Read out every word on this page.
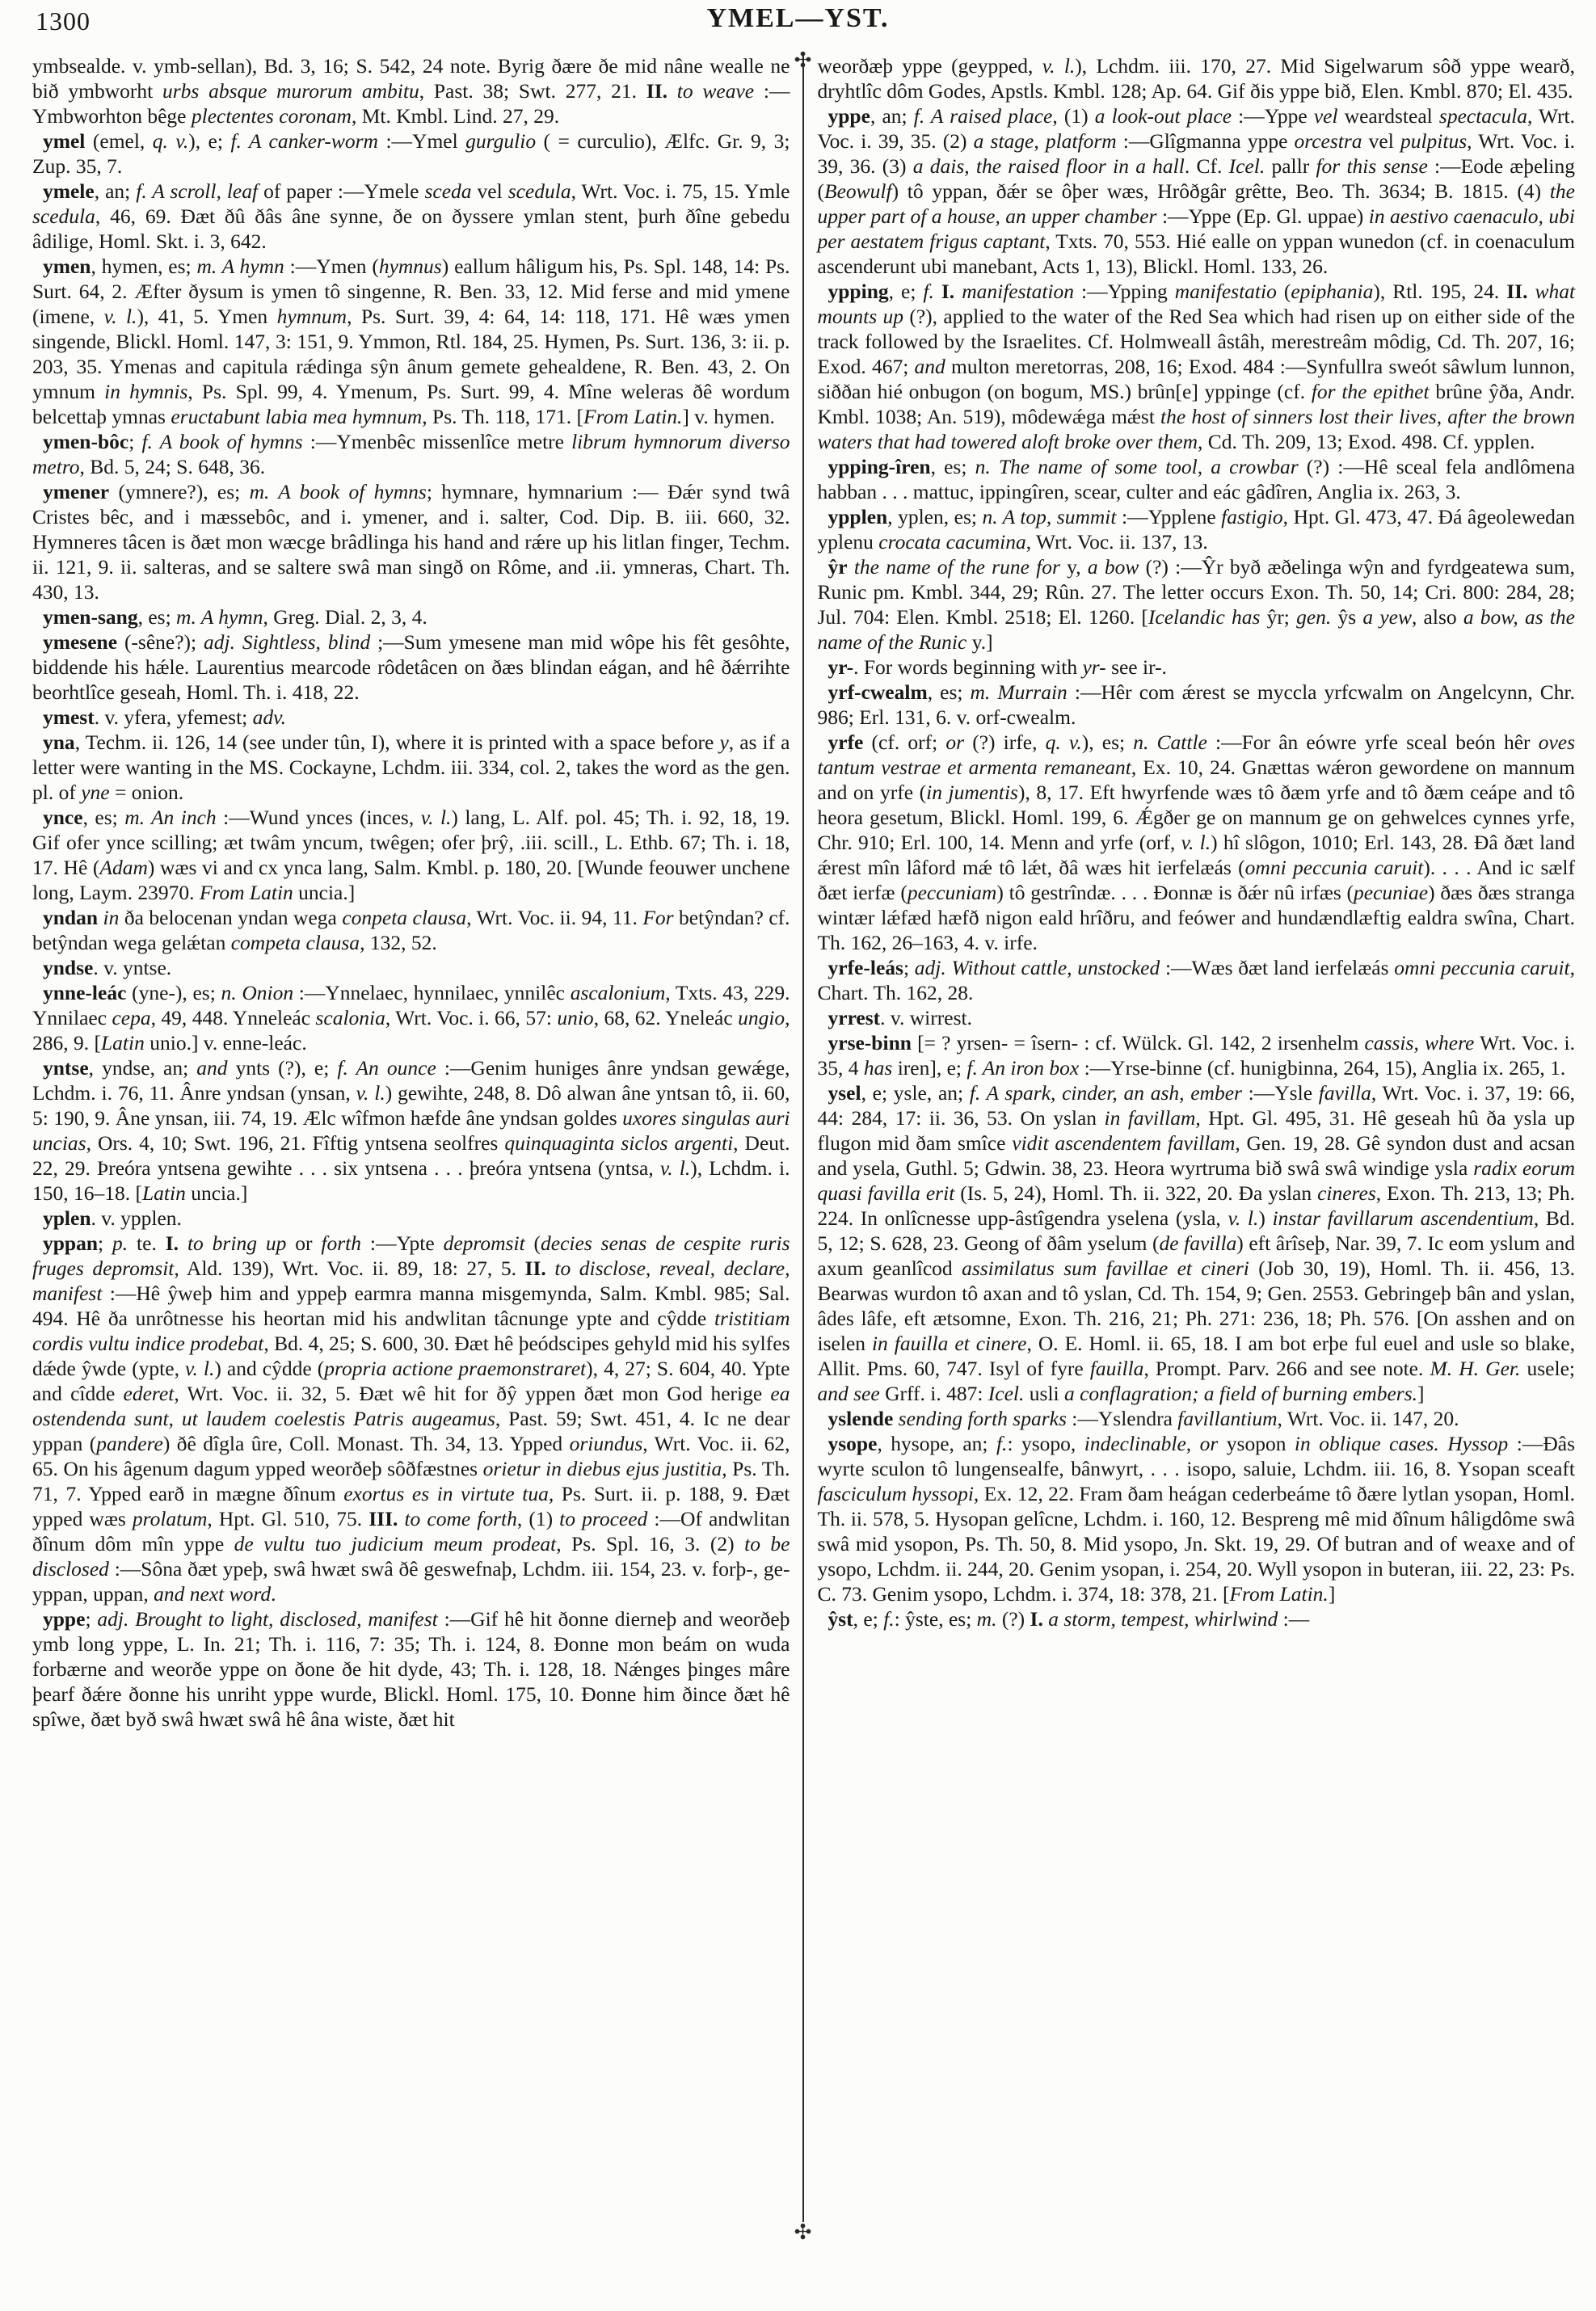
1300	YMEL—YST.

ymbsealde. v. ymb-sellan), Bd. 3, 16; S. 542, 24 note. Byrig ðære ðe mid nâne wealle ne bið ymbworht urbs absque murorum ambitu, Past. 38; Swt. 277, 21. II. to weave :—Ymbworhton bêge plectentes coronam, Mt. Kmbl. Lind. 27, 29.

ymel (emel, q. v.), e; f. A canker-worm :—Ymel gurgulio ( = curculio), Ælfc. Gr. 9, 3; Zup. 35, 7.

ymele, an; f. A scroll, leaf of paper :—Ymele sceda vel scedula, Wrt. Voc. i. 75, 15. Ymle scedula, 46, 69. Ðæt ðû ðâs âne synne, ðe on ðyssere ymlan stent, þurh ðîne gebedu âdilige, Homl. Skt. i. 3, 642.

ymen, hymen, es; m. A hymn :—Ymen (hymnus) eallum hâligum his, Ps. Spl. 148, 14: Ps. Surt. 64, 2. Æfter ðysum is ymen tô singenne, R. Ben. 33, 12. Mid ferse and mid ymene (imene, v. l.), 41, 5. Ymen hymnum, Ps. Surt. 39, 4: 64, 14: 118, 171. Hê wæs ymen singende, Blickl. Homl. 147, 3: 151, 9. Ymmon, Rtl. 184, 25. Hymen, Ps. Surt. 136, 3: ii. p. 203, 35. Ymenas and capitula rǽdinga sŷn ânum gemete gehealdene, R. Ben. 43, 2. On ymnum in hymnis, Ps. Spl. 99, 4. Ymenum, Ps. Surt. 99, 4. Mîne weleras ðê wordum belcettaþ ymnas eructabunt labia mea hymnum, Ps. Th. 118, 171. [From Latin.] v. hymen.

ymen-bôc; f. A book of hymns :—Ymenbêc missenlîce metre librum hymnorum diverso metro, Bd. 5, 24; S. 648, 36.

ymener (ymnere?), es; m. A book of hymns; hymnare, hymnarium :— Ðǽr synd twâ Cristes bêc, and i mæssebôc, and i. ymener, and i. salter, Cod. Dip. B. iii. 660, 32. Hymneres tâcen is ðæt mon wæcge brâdlinga his hand and rǽre up his litlan finger, Techm. ii. 121, 9. ii. salteras, and se saltere swâ man singð on Rôme, and .ii. ymneras, Chart. Th. 430, 13.

ymen-sang, es; m. A hymn, Greg. Dial. 2, 3, 4.

ymesene (-sêne?); adj. Sightless, blind ;—Sum ymesene man mid wôpe his fêt gesôhte, biddende his hǽle. Laurentius mearcode rôdetâcen on ðæs blindan eágan, and hê ðǽrrihte beorhtlîce geseah, Homl. Th. i. 418, 22.

ymest. v. yfera, yfemest; adv.

yna, Techm. ii. 126, 14 (see under tûn, I), where it is printed with a space before y, as if a letter were wanting in the MS. Cockayne, Lchdm. iii. 334, col. 2, takes the word as the gen. pl. of yne = onion.

ynce, es; m. An inch :—Wund ynces (inces, v. l.) lang, L. Alf. pol. 45; Th. i. 92, 18, 19. Gif ofer ynce scilling; æt twâm yncum, twêgen; ofer þrŷ, .iii. scill., L. Ethb. 67; Th. i. 18, 17. Hê (Adam) wæs vi and cx ynca lang, Salm. Kmbl. p. 180, 20. [Wunde feouwer unchene long, Laym. 23970. From Latin uncia.]

yndan in ða belocenan yndan wega conpeta clausa, Wrt. Voc. ii. 94, 11. For betŷndan? cf. betŷndan wega gelǽtan competa clausa, 132, 52.

yndse. v. yntse.

ynne-leác (yne-), es; n. Onion :—Ynnelaec, hynnilaec, ynnilêc ascalonium, Txts. 43, 229. Ynnilaec cepa, 49, 448. Ynneleác scalonia, Wrt. Voc. i. 66, 57: unio, 68, 62. Yneleác ungio, 286, 9. [Latin unio.] v. enne-leác.

yntse, yndse, an; and ynts (?), e; f. An ounce :—Genim huniges ânre yndsan gewǽge, Lchdm. i. 76, 11. Ânre yndsan (ynsan, v. l.) gewihte, 248, 8. Dô alwan âne yntsan tô, ii. 60, 5: 190, 9. Âne ynsan, iii. 74, 19. Ælc wîfmon hæfde âne yndsan goldes uxores singulas auri uncias, Ors. 4, 10; Swt. 196, 21. Fîftig yntsena seolfres quinquaginta siclos argenti, Deut. 22, 29. Þreóra yntsena gewihte . . . six yntsena . . . þreóra yntsena (yntsa, v. l.), Lchdm. i. 150, 16–18. [Latin uncia.]

yplen. v. ypplen.

yppan; p. te. I. to bring up or forth :—Ypte depromsit (decies senas de cespite ruris fruges depromsit, Ald. 139), Wrt. Voc. ii. 89, 18: 27, 5. II. to disclose, reveal, declare, manifest :—Hê ŷweþ him and yppeþ earmra manna misgemynda, Salm. Kmbl. 985; Sal. 494. Hê ða unrôtnesse his heortan mid his andwlitan tâcnunge ypte and cŷdde tristitiam cordis vultu indice prodebat, Bd. 4, 25; S. 600, 30. Ðæt hê þeódscipes gehyld mid his sylfes dǽde ŷwde (ypte, v. l.) and cŷdde (propria actione praemonstraret), 4, 27; S. 604, 40. Ypte and cîdde ederet, Wrt. Voc. ii. 32, 5. Ðæt wê hit for ðŷ yppen ðæt mon God herige ea ostendenda sunt, ut laudem coelestis Patris augeamus, Past. 59; Swt. 451, 4. Ic ne dear yppan (pandere) ðê dîgla ûre, Coll. Monast. Th. 34, 13. Ypped oriundus, Wrt. Voc. ii. 62, 65. On his âgenum dagum ypped weorðeþ sôðfæstnes orietur in diebus ejus justitia, Ps. Th. 71, 7. Ypped earð in mægne ðînum exortus es in virtute tua, Ps. Surt. ii. p. 188, 9. Ðæt ypped wæs prolatum, Hpt. Gl. 510, 75. III. to come forth, (1) to proceed :—Of andwlitan ðînum dôm mîn yppe de vultu tuo judicium meum prodeat, Ps. Spl. 16, 3. (2) to be disclosed :—Sôna ðæt ypeþ, swâ hwæt swâ ðê geswefnaþ, Lchdm. iii. 154, 23. v. forþ-, ge-yppan, uppan, and next word.

yppe; adj. Brought to light, disclosed, manifest :—Gif hê hit ðonne dierneþ and weorðeþ ymb long yppe, L. In. 21; Th. i. 116, 7: 35; Th. i. 124, 8. Ðonne mon beám on wuda forbærne and weorðe yppe on ðone ðe hit dyde, 43; Th. i. 128, 18. Nǽnges þinges mâre þearf ðǽre ðonne his unriht yppe wurde, Blickl. Homl. 175, 10. Ðonne him ðince ðæt hê spîwe, ðæt byð swâ hwæt swâ hê âna wiste, ðæt hit

✣
✣

weorðæþ yppe (geypped, v. l.), Lchdm. iii. 170, 27. Mid Sigelwarum sôð yppe wearð, dryhtlîc dôm Godes, Apstls. Kmbl. 128; Ap. 64. Gif ðis yppe bið, Elen. Kmbl. 870; El. 435.

yppe, an; f. A raised place, (1) a look-out place :—Yppe vel weardsteal spectacula, Wrt. Voc. i. 39, 35. (2) a stage, platform :—Glîgmanna yppe orcestra vel pulpitus, Wrt. Voc. i. 39, 36. (3) a dais, the raised floor in a hall. Cf. Icel. pallr for this sense :—Eode æþeling (Beowulf) tô yppan, ðǽr se ôþer wæs, Hrôðgâr grêtte, Beo. Th. 3634; B. 1815. (4) the upper part of a house, an upper chamber :—Yppe (Ep. Gl. uppae) in aestivo caenaculo, ubi per aestatem frigus captant, Txts. 70, 553. Hié ealle on yppan wunedon (cf. in coenaculum ascenderunt ubi manebant, Acts 1, 13), Blickl. Homl. 133, 26.

ypping, e; f. I. manifestation :—Ypping manifestatio (epiphania), Rtl. 195, 24. II. what mounts up (?), applied to the water of the Red Sea which had risen up on either side of the track followed by the Israelites. Cf. Holmweall âstâh, merestreâm môdig, Cd. Th. 207, 16; Exod. 467; and multon meretorras, 208, 16; Exod. 484 :—Synfullra sweót sâwlum lunnon, siððan hié onbugon (on bogum, MS.) brûn[e] yppinge (cf. for the epithet brûne ŷða, Andr. Kmbl. 1038; An. 519), môdewǽga mǽst the host of sinners lost their lives, after the brown waters that had towered aloft broke over them, Cd. Th. 209, 13; Exod. 498. Cf. ypplen.

ypping-îren, es; n. The name of some tool, a crowbar (?) :—Hê sceal fela andlômena habban . . . mattuc, ippingîren, scear, culter and eác gâdîren, Anglia ix. 263, 3.

ypplen, yplen, es; n. A top, summit :—Ypplene fastigio, Hpt. Gl. 473, 47. Ðá âgeolewedan yplenu crocata cacumina, Wrt. Voc. ii. 137, 13.

ŷr the name of the rune for y, a bow (?) :—Ŷr byð æðelinga wŷn and fyrdgeatewa sum, Runic pm. Kmbl. 344, 29; Rûn. 27. The letter occurs Exon. Th. 50, 14; Cri. 800: 284, 28; Jul. 704: Elen. Kmbl. 2518; El. 1260. [Icelandic has ŷr; gen. ŷs a yew, also a bow, as the name of the Runic y.]

yr-. For words beginning with yr- see ir-.

yrf-cwealm, es; m. Murrain :—Hêr com ǽrest se myccla yrfcwalm on Angelcynn, Chr. 986; Erl. 131, 6. v. orf-cwealm.

yrfe (cf. orf; or (?) irfe, q. v.), es; n. Cattle :—For ân eówre yrfe sceal beón hêr oves tantum vestrae et armenta remaneant, Ex. 10, 24. Gnættas wǽron gewordene on mannum and on yrfe (in jumentis), 8, 17. Eft hwyrfende wæs tô ðæm yrfe and tô ðæm ceápe and tô heora gesetum, Blickl. Homl. 199, 6. Ǽgðer ge on mannum ge on gehwelces cynnes yrfe, Chr. 910; Erl. 100, 14. Menn and yrfe (orf, v. l.) hî slôgon, 1010; Erl. 143, 28. Ðâ ðæt land ǽrest mîn lâford mǽ tô lǽt, ðâ wæs hit ierfelæás (omni peccunia caruit). . . . And ic sælf ðæt ierfæ (peccuniam) tô gestrîndæ. . . . Ðonnæ is ðǽr nû irfæs (pecuniae) ðæs ðæs stranga wintær lǽfæd hæfð nigon eald hrîðru, and feówer and hundændlæftig ealdra swîna, Chart. Th. 162, 26–163, 4. v. irfe.

yrfe-leás; adj. Without cattle, unstocked :—Wæs ðæt land ierfelæás omni peccunia caruit, Chart. Th. 162, 28.

yrrest. v. wirrest.

yrse-binn [= ? yrsen- = îsern- : cf. Wülck. Gl. 142, 2 irsenhelm cassis, where Wrt. Voc. i. 35, 4 has iren], e; f. An iron box :—Yrse-binne (cf. hunigbinna, 264, 15), Anglia ix. 265, 1.

ysel, e; ysle, an; f. A spark, cinder, an ash, ember :—Ysle favilla, Wrt. Voc. i. 37, 19: 66, 44: 284, 17: ii. 36, 53. On yslan in favillam, Hpt. Gl. 495, 31. Hê geseah hû ða ysla up flugon mid ðam smîce vidit ascendentem favillam, Gen. 19, 28. Gê syndon dust and acsan and ysela, Guthl. 5; Gdwin. 38, 23. Heora wyrtruma bið swâ swâ windige ysla radix eorum quasi favilla erit (Is. 5, 24), Homl. Th. ii. 322, 20. Ða yslan cineres, Exon. Th. 213, 13; Ph. 224. In onlîcnesse upp-âstîgendra yselena (ysla, v. l.) instar favillarum ascendentium, Bd. 5, 12; S. 628, 23. Geong of ðâm yselum (de favilla) eft ârîseþ, Nar. 39, 7. Ic eom yslum and axum geanlîcod assimilatus sum favillae et cineri (Job 30, 19), Homl. Th. ii. 456, 13. Bearwas wurdon tô axan and tô yslan, Cd. Th. 154, 9; Gen. 2553. Gebringeþ bân and yslan, âdes lâfe, eft ætsomne, Exon. Th. 216, 21; Ph. 271: 236, 18; Ph. 576. [On asshen and on iselen in fauilla et cinere, O. E. Homl. ii. 65, 18. I am bot erþe ful euel and usle so blake, Allit. Pms. 60, 747. Isyl of fyre fauilla, Prompt. Parv. 266 and see note. M. H. Ger. usele; and see Grff. i. 487: Icel. usli a conflagration; a field of burning embers.]

yslende sending forth sparks :—Yslendra favillantium, Wrt. Voc. ii. 147, 20.

ysope, hysope, an; f.: ysopo, indeclinable, or ysopon in oblique cases. Hyssop :—Ðâs wyrte sculon tô lungensealfe, bânwyrt, . . . isopo, saluie, Lchdm. iii. 16, 8. Ysopan sceaft fasciculum hyssopi, Ex. 12, 22. Fram ðam heágan cederbeáme tô ðære lytlan ysopan, Homl. Th. ii. 578, 5. Hysopan gelîcne, Lchdm. i. 160, 12. Bespreng mê mid ðînum hâligdôme swâ swâ mid ysopon, Ps. Th. 50, 8. Mid ysopo, Jn. Skt. 19, 29. Of butran and of weaxe and of ysopo, Lchdm. ii. 244, 20. Genim ysopan, i. 254, 20. Wyll ysopon in buteran, iii. 22, 23: Ps. C. 73. Genim ysopo, Lchdm. i. 374, 18: 378, 21. [From Latin.]

ŷst, e; f.: ŷste, es; m. (?) I. a storm, tempest, whirlwind :—
